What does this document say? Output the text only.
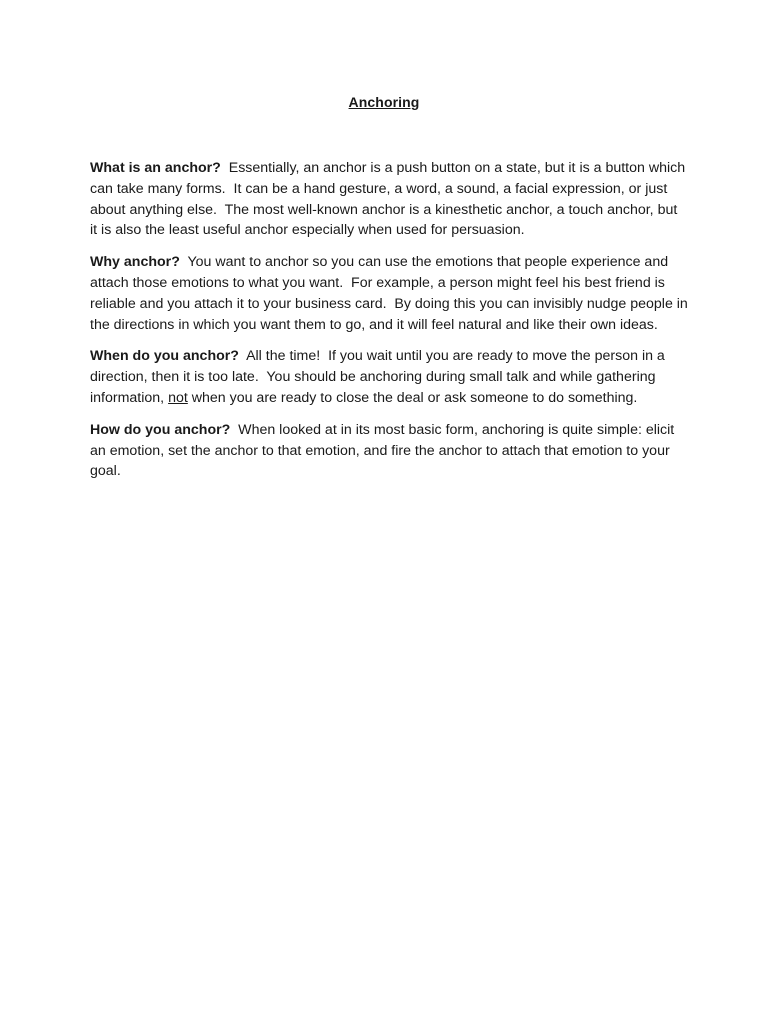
Anchoring

What is an anchor?  Essentially, an anchor is a push button on a state, but it is a button which can take many forms.  It can be a hand gesture, a word, a sound, a facial expression, or just about anything else.  The most well-known anchor is a kinesthetic anchor, a touch anchor, but it is also the least useful anchor especially when used for persuasion.

Why anchor?  You want to anchor so you can use the emotions that people experience and attach those emotions to what you want.  For example, a person might feel his best friend is reliable and you attach it to your business card.  By doing this you can invisibly nudge people in the directions in which you want them to go, and it will feel natural and like their own ideas.

When do you anchor?  All the time!  If you wait until you are ready to move the person in a direction, then it is too late.  You should be anchoring during small talk and while gathering information, not when you are ready to close the deal or ask someone to do something.

How do you anchor?  When looked at in its most basic form, anchoring is quite simple: elicit an emotion, set the anchor to that emotion, and fire the anchor to attach that emotion to your goal.
